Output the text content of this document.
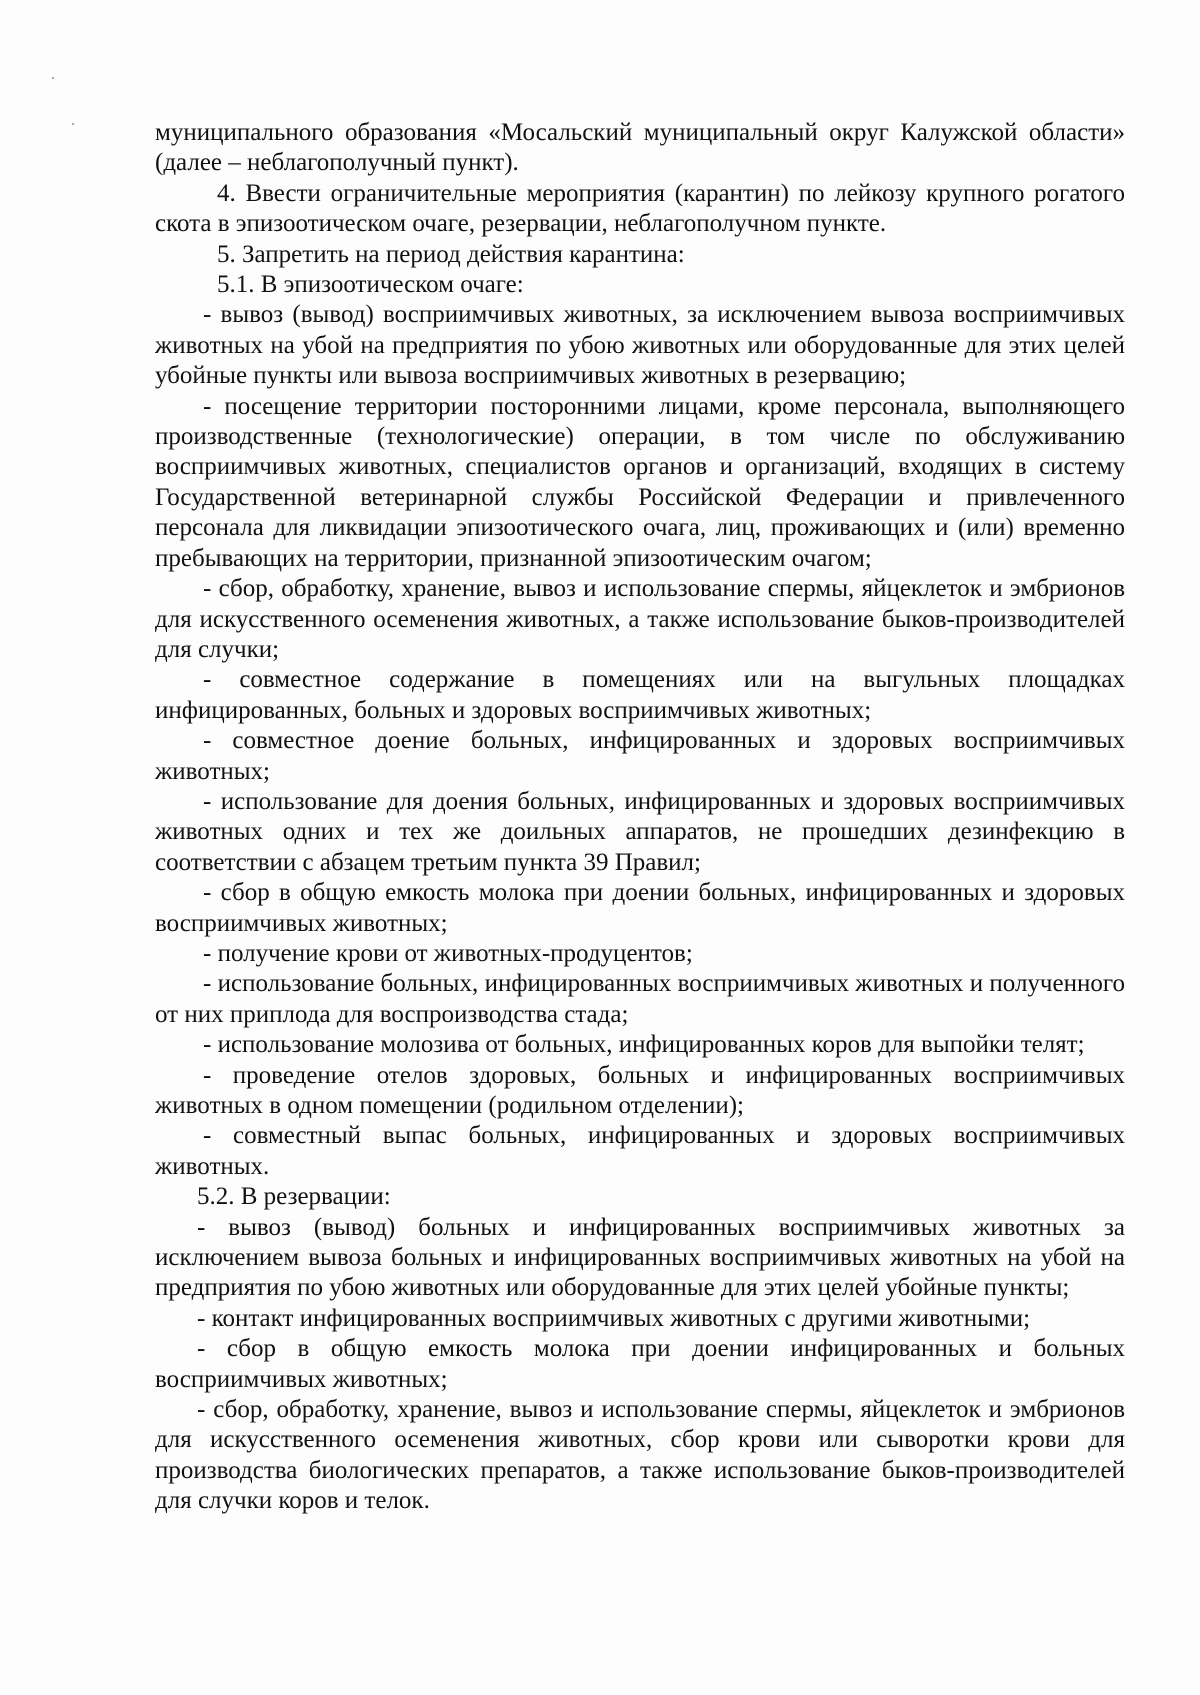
муниципального образования «Мосальский муниципальный округ Калужской области» (далее – неблагополучный пункт).

4. Ввести ограничительные мероприятия (карантин) по лейкозу крупного рогатого скота в эпизоотическом очаге, резервации, неблагополучном пункте.

5. Запретить на период действия карантина:

5.1. В эпизоотическом очаге:

- вывоз (вывод) восприимчивых животных, за исключением вывоза восприимчивых животных на убой на предприятия по убою животных или оборудованные для этих целей убойные пункты или вывоза восприимчивых животных в резервацию;

- посещение территории посторонними лицами, кроме персонала, выполняющего производственные (технологические) операции, в том числе по обслуживанию восприимчивых животных, специалистов органов и организаций, входящих в систему Государственной ветеринарной службы Российской Федерации и привлеченного персонала для ликвидации эпизоотического очага, лиц, проживающих и (или) временно пребывающих на территории, признанной эпизоотическим очагом;

- сбор, обработку, хранение, вывоз и использование спермы, яйцеклеток и эмбрионов для искусственного осеменения животных, а также использование быков-производителей для случки;

- совместное содержание в помещениях или на выгульных площадках инфицированных, больных и здоровых восприимчивых животных;

- совместное доение больных, инфицированных и здоровых восприимчивых животных;

- использование для доения больных, инфицированных и здоровых восприимчивых животных одних и тех же доильных аппаратов, не прошедших дезинфекцию в соответствии с абзацем третьим пункта 39 Правил;

- сбор в общую емкость молока при доении больных, инфицированных и здоровых восприимчивых животных;

- получение крови от животных-продуцентов;

- использование больных, инфицированных восприимчивых животных и полученного от них приплода для воспроизводства стада;

- использование молозива от больных, инфицированных коров для выпойки телят;

- проведение отелов здоровых, больных и инфицированных восприимчивых животных в одном помещении (родильном отделении);

- совместный выпас больных, инфицированных и здоровых восприимчивых животных.

5.2. В резервации:

- вывоз (вывод) больных и инфицированных восприимчивых животных за исключением вывоза больных и инфицированных восприимчивых животных на убой на предприятия по убою животных или оборудованные для этих целей убойные пункты;

- контакт инфицированных восприимчивых животных с другими животными;

- сбор в общую емкость молока при доении инфицированных и больных восприимчивых животных;

- сбор, обработку, хранение, вывоз и использование спермы, яйцеклеток и эмбрионов для искусственного осеменения животных, сбор крови или сыворотки крови для производства биологических препаратов, а также использование быков-производителей для случки коров и телок.
